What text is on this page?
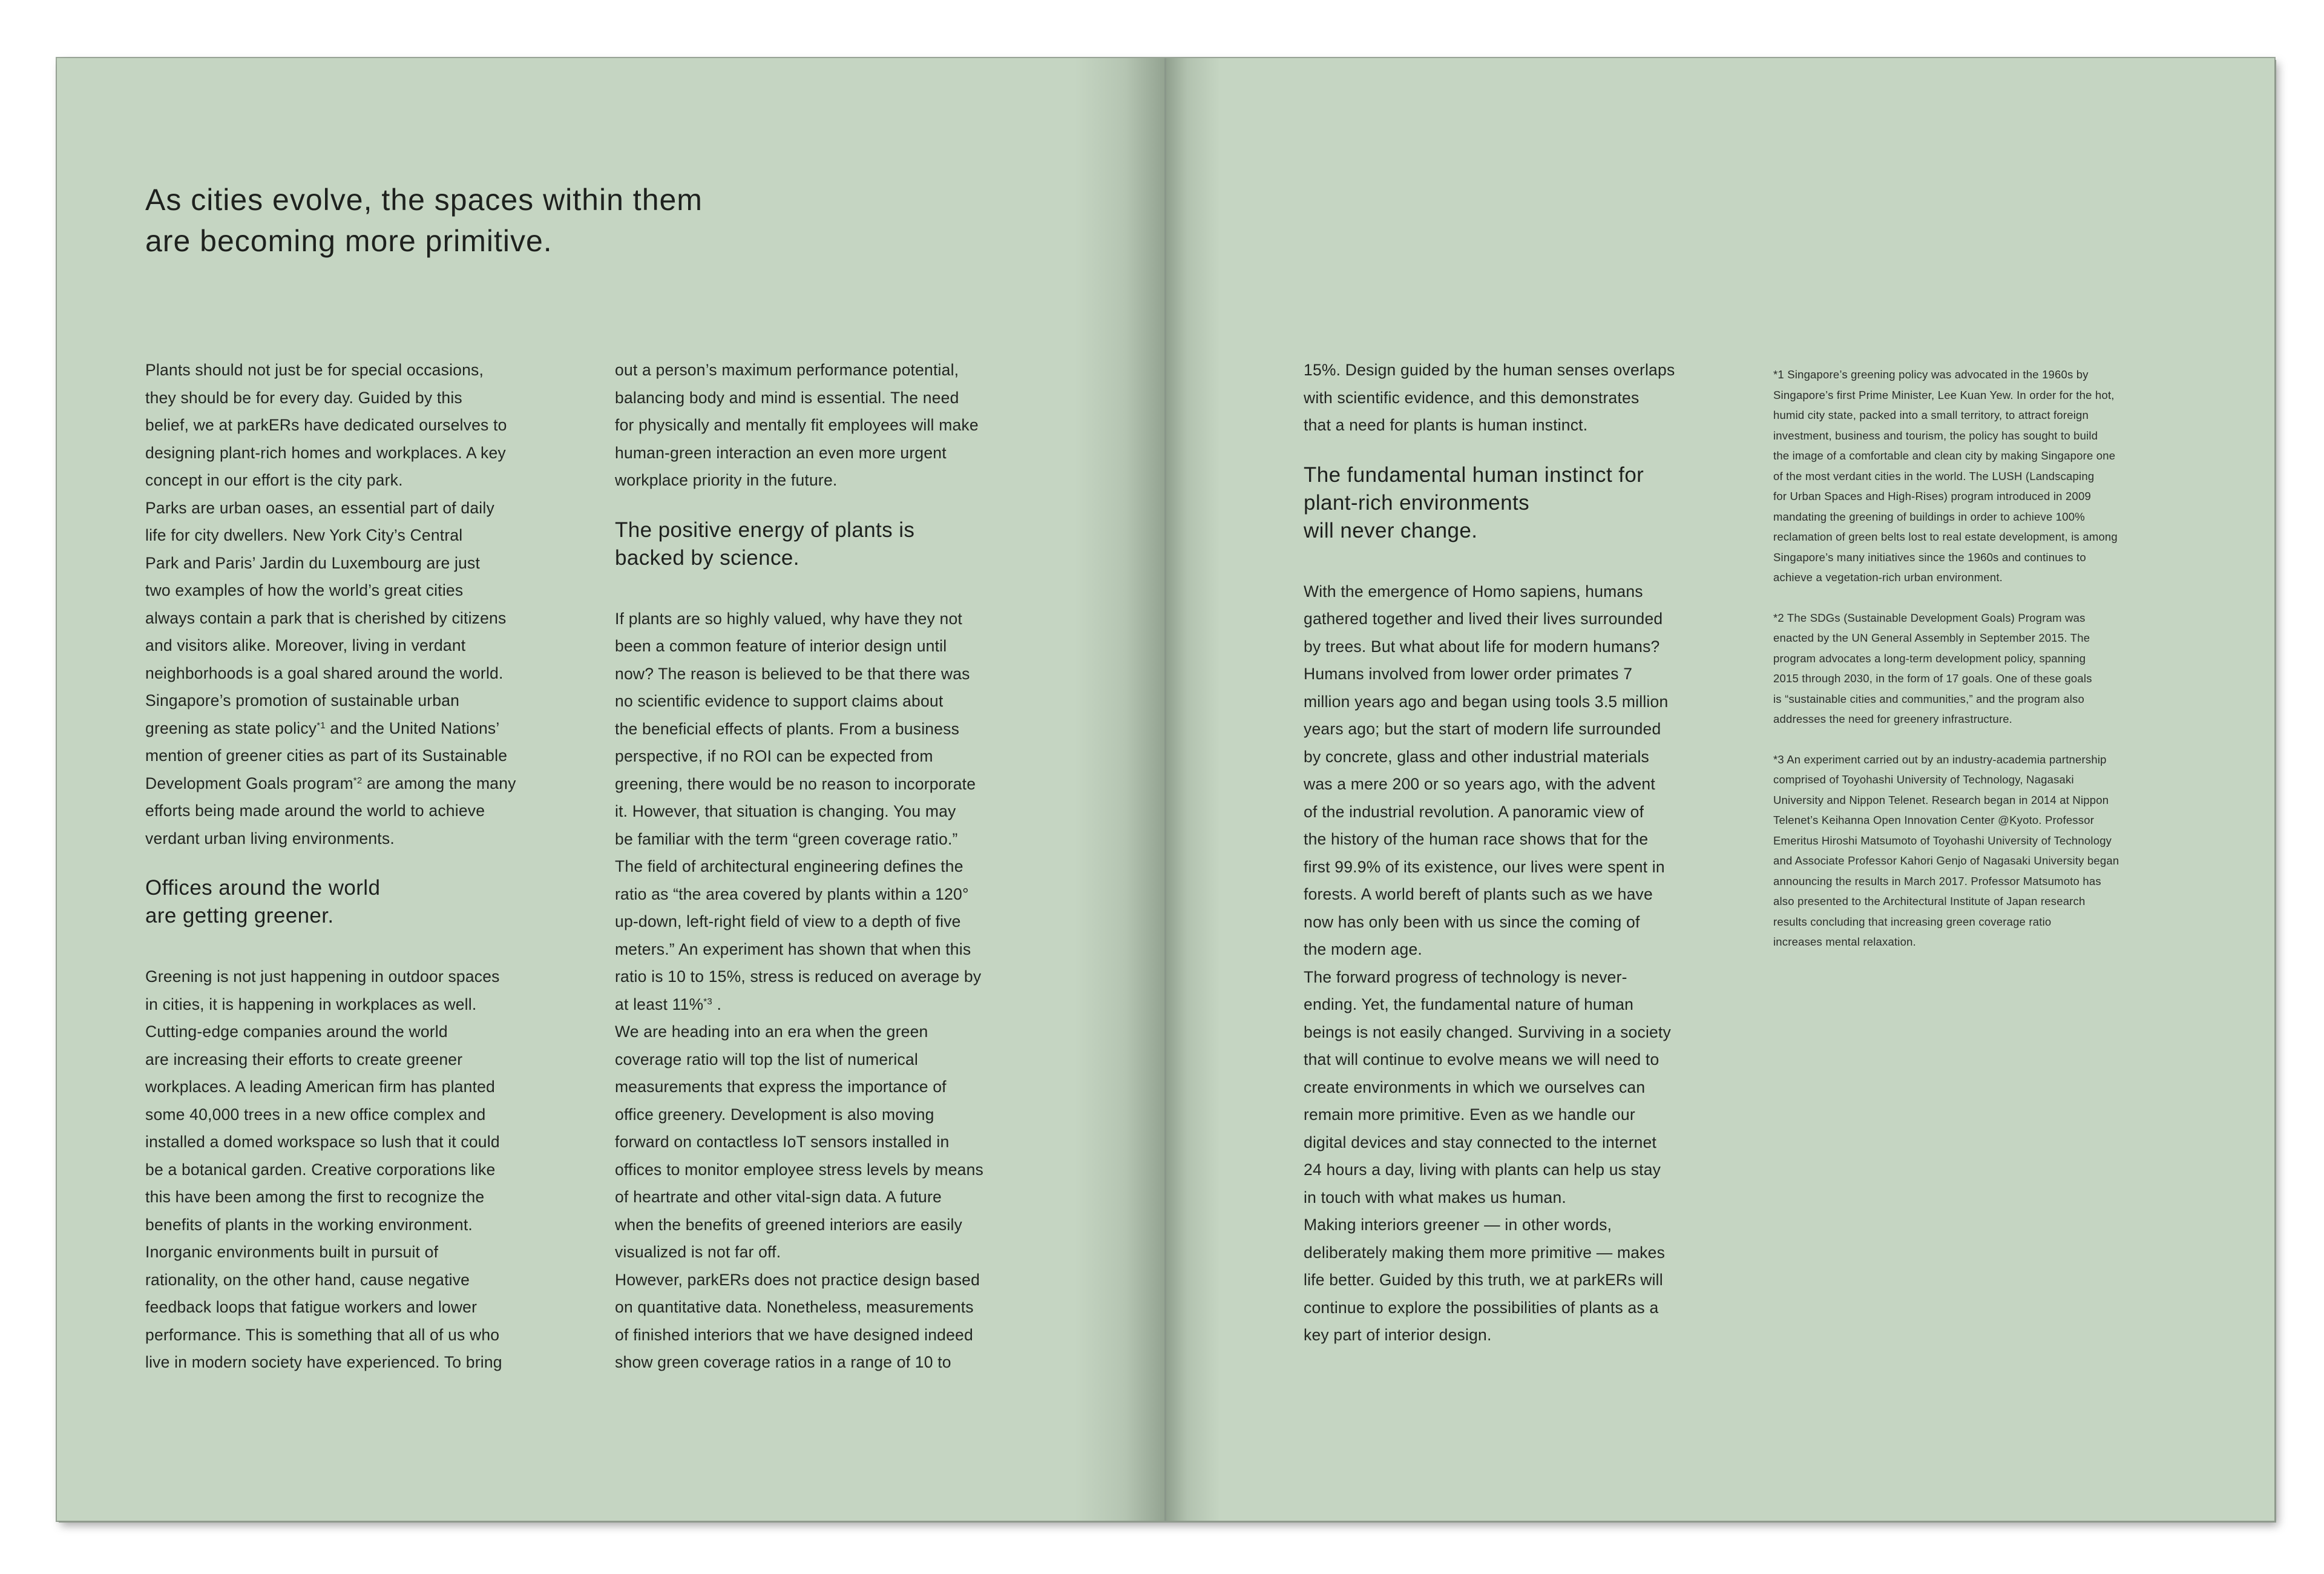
As cities evolve, the spaces within them
are becoming more primitive.

Plants should not just be for special occasions,
they should be for every day. Guided by this
belief, we at parkERs have dedicated ourselves to
designing plant-rich homes and workplaces. A key
concept in our effort is the city park.
Parks are urban oases, an essential part of daily
life for city dwellers. New York City’s Central
Park and Paris’ Jardin du Luxembourg are just
two examples of how the world’s great cities
always contain a park that is cherished by citizens
and visitors alike. Moreover, living in verdant
neighborhoods is a goal shared around the world.
Singapore’s promotion of sustainable urban
greening as state policy$^{*1}$ and the United Nations’
mention of greener cities as part of its Sustainable
Development Goals program$^{*2}$ are among the many
efforts being made around the world to achieve
verdant urban living environments.

Offices around the world
are getting greener.

Greening is not just happening in outdoor spaces
in cities, it is happening in workplaces as well.
Cutting-edge companies around the world
are increasing their efforts to create greener
workplaces. A leading American firm has planted
some 40,000 trees in a new office complex and
installed a domed workspace so lush that it could
be a botanical garden. Creative corporations like
this have been among the first to recognize the
benefits of plants in the working environment.
Inorganic environments built in pursuit of
rationality, on the other hand, cause negative
feedback loops that fatigue workers and lower
performance. This is something that all of us who
live in modern society have experienced. To bring

out a person’s maximum performance potential,
balancing body and mind is essential. The need
for physically and mentally fit employees will make
human-green interaction an even more urgent
workplace priority in the future.

The positive energy of plants is
backed by science.

If plants are so highly valued, why have they not
been a common feature of interior design until
now? The reason is believed to be that there was
no scientific evidence to support claims about
the beneficial effects of plants. From a business
perspective, if no ROI can be expected from
greening, there would be no reason to incorporate
it. However, that situation is changing. You may
be familiar with the term “green coverage ratio.”
The field of architectural engineering defines the
ratio as “the area covered by plants within a 120°
up-down, left-right field of view to a depth of five
meters.” An experiment has shown that when this
ratio is 10 to 15%, stress is reduced on average by
at least 11%$^{*3}$ .
We are heading into an era when the green
coverage ratio will top the list of numerical
measurements that express the importance of
office greenery. Development is also moving
forward on contactless IoT sensors installed in
offices to monitor employee stress levels by means
of heartrate and other vital-sign data. A future
when the benefits of greened interiors are easily
visualized is not far off.
However, parkERs does not practice design based
on quantitative data. Nonetheless, measurements
of finished interiors that we have designed indeed
show green coverage ratios in a range of 10 to

15%. Design guided by the human senses overlaps
with scientific evidence, and this demonstrates
that a need for plants is human instinct.

The fundamental human instinct for
plant-rich environments
will never change.

With the emergence of Homo sapiens, humans
gathered together and lived their lives surrounded
by trees. But what about life for modern humans?
Humans involved from lower order primates 7
million years ago and began using tools 3.5 million
years ago; but the start of modern life surrounded
by concrete, glass and other industrial materials
was a mere 200 or so years ago, with the advent
of the industrial revolution. A panoramic view of
the history of the human race shows that for the
first 99.9% of its existence, our lives were spent in
forests. A world bereft of plants such as we have
now has only been with us since the coming of
the modern age.
The forward progress of technology is never-
ending. Yet, the fundamental nature of human
beings is not easily changed. Surviving in a society
that will continue to evolve means we will need to
create environments in which we ourselves can
remain more primitive. Even as we handle our
digital devices and stay connected to the internet
24 hours a day, living with plants can help us stay
in touch with what makes us human.
Making interiors greener — in other words,
deliberately making them more primitive — makes
life better. Guided by this truth, we at parkERs will
continue to explore the possibilities of plants as a
key part of interior design.

*1 Singapore’s greening policy was advocated in the 1960s by
Singapore’s first Prime Minister, Lee Kuan Yew. In order for the hot,
humid city state, packed into a small territory, to attract foreign
investment, business and tourism, the policy has sought to build
the image of a comfortable and clean city by making Singapore one
of the most verdant cities in the world. The LUSH (Landscaping
for Urban Spaces and High-Rises) program introduced in 2009
mandating the greening of buildings in order to achieve 100%
reclamation of green belts lost to real estate development, is among
Singapore’s many initiatives since the 1960s and continues to
achieve a vegetation-rich urban environment.

*2 The SDGs (Sustainable Development Goals) Program was
enacted by the UN General Assembly in September 2015. The
program advocates a long-term development policy, spanning
2015 through 2030, in the form of 17 goals. One of these goals
is “sustainable cities and communities,” and the program also
addresses the need for greenery infrastructure.

*3 An experiment carried out by an industry-academia partnership
comprised of Toyohashi University of Technology, Nagasaki
University and Nippon Telenet. Research began in 2014 at Nippon
Telenet’s Keihanna Open Innovation Center @Kyoto. Professor
Emeritus Hiroshi Matsumoto of Toyohashi University of Technology
and Associate Professor Kahori Genjo of Nagasaki University began
announcing the results in March 2017. Professor Matsumoto has
also presented to the Architectural Institute of Japan research
results concluding that increasing green coverage ratio
increases mental relaxation.
